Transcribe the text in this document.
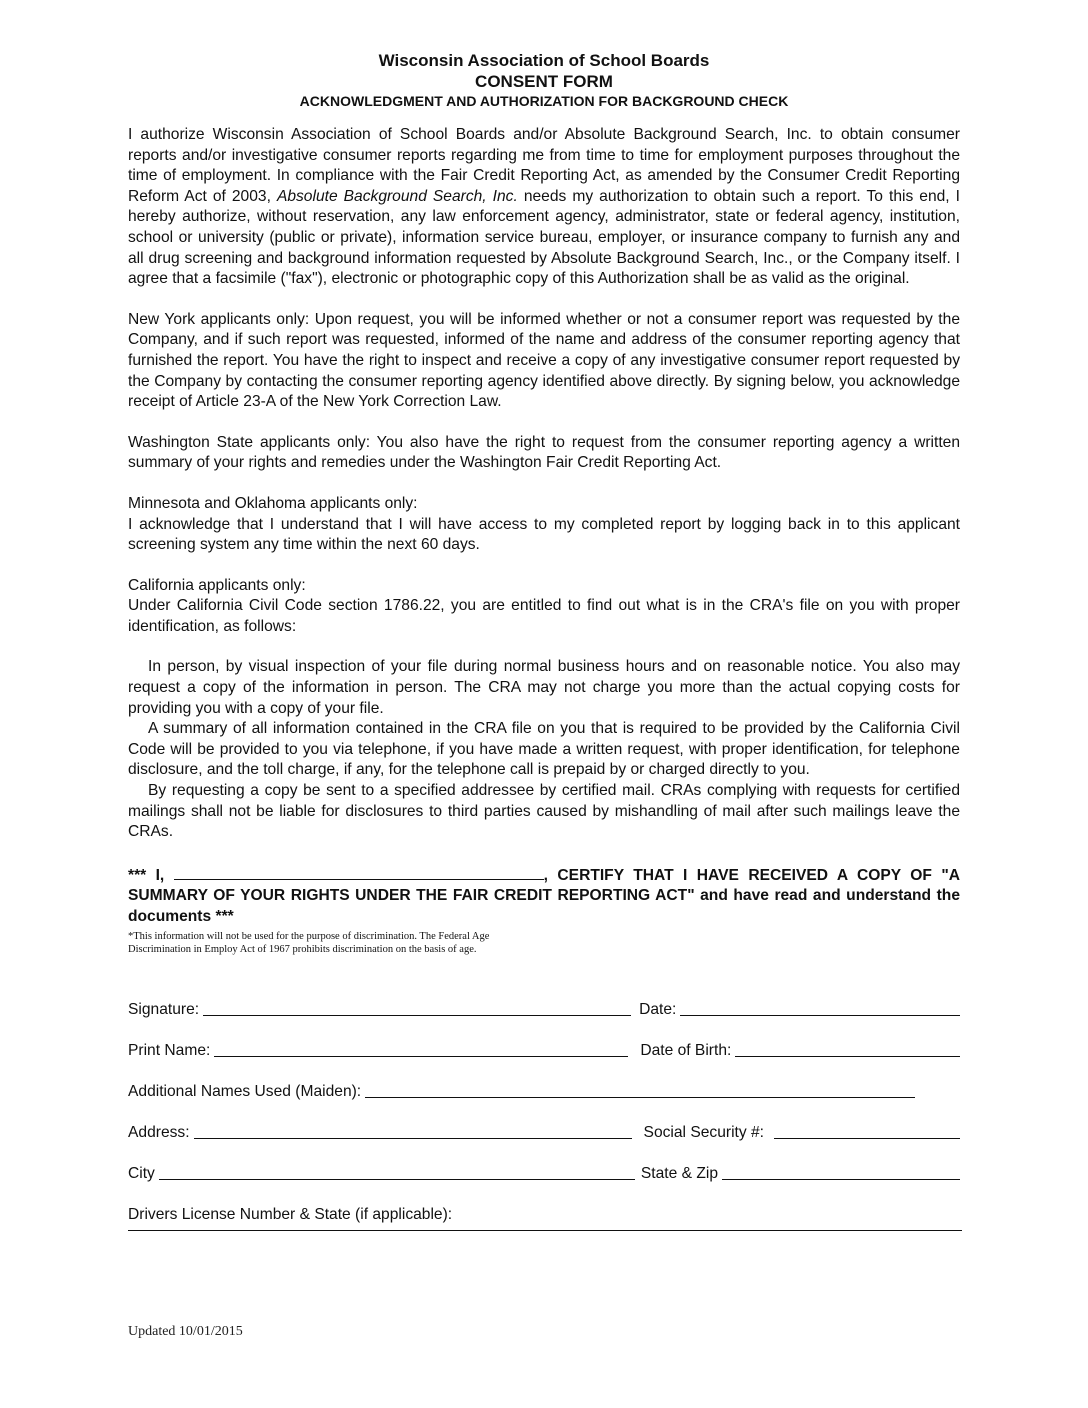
Wisconsin Association of School Boards
CONSENT FORM
ACKNOWLEDGMENT AND AUTHORIZATION FOR BACKGROUND CHECK

I authorize Wisconsin Association of School Boards and/or Absolute Background Search, Inc. to obtain consumer reports and/or investigative consumer reports regarding me from time to time for employment purposes throughout the time of employment. In compliance with the Fair Credit Reporting Act, as amended by the Consumer Credit Reporting Reform Act of 2003, Absolute Background Search, Inc. needs my authorization to obtain such a report. To this end, I hereby authorize, without reservation, any law enforcement agency, administrator, state or federal agency, institution, school or university (public or private), information service bureau, employer, or insurance company to furnish any and all drug screening and background information requested by Absolute Background Search, Inc., or the Company itself. I agree that a facsimile ("fax"), electronic or photographic copy of this Authorization shall be as valid as the original.

New York applicants only: Upon request, you will be informed whether or not a consumer report was requested by the Company, and if such report was requested, informed of the name and address of the consumer reporting agency that furnished the report. You have the right to inspect and receive a copy of any investigative consumer report requested by the Company by contacting the consumer reporting agency identified above directly. By signing below, you acknowledge receipt of Article 23-A of the New York Correction Law.

Washington State applicants only: You also have the right to request from the consumer reporting agency a written summary of your rights and remedies under the Washington Fair Credit Reporting Act.

Minnesota and Oklahoma applicants only:

I acknowledge that I understand that I will have access to my completed report by logging back in to this applicant screening system any time within the next 60 days.

California applicants only:

Under California Civil Code section 1786.22, you are entitled to find out what is in the CRA's file on you with proper identification, as follows:

In person, by visual inspection of your file during normal business hours and on reasonable notice. You also may request a copy of the information in person. The CRA may not charge you more than the actual copying costs for providing you with a copy of your file.

A summary of all information contained in the CRA file on you that is required to be provided by the California Civil Code will be provided to you via telephone, if you have made a written request, with proper identification, for telephone disclosure, and the toll charge, if any, for the telephone call is prepaid by or charged directly to you.

By requesting a copy be sent to a specified addressee by certified mail. CRAs complying with requests for certified mailings shall not be liable for disclosures to third parties caused by mishandling of mail after such mailings leave the CRAs.

*** I,	, CERTIFY THAT I HAVE RECEIVED A COPY OF "A SUMMARY OF YOUR RIGHTS UNDER THE FAIR CREDIT REPORTING ACT" and have read and understand the documents ***

*This information will not be used for the purpose of discrimination. The Federal Age
Discrimination in Employ Act of 1967 prohibits discrimination on the basis of age.
Signature:	Date:
Print Name:	Date of Birth:
Additional Names Used (Maiden):
Address:	Social Security #:
City	State & Zip
Drivers License Number & State (if applicable):
Updated 10/01/2015
